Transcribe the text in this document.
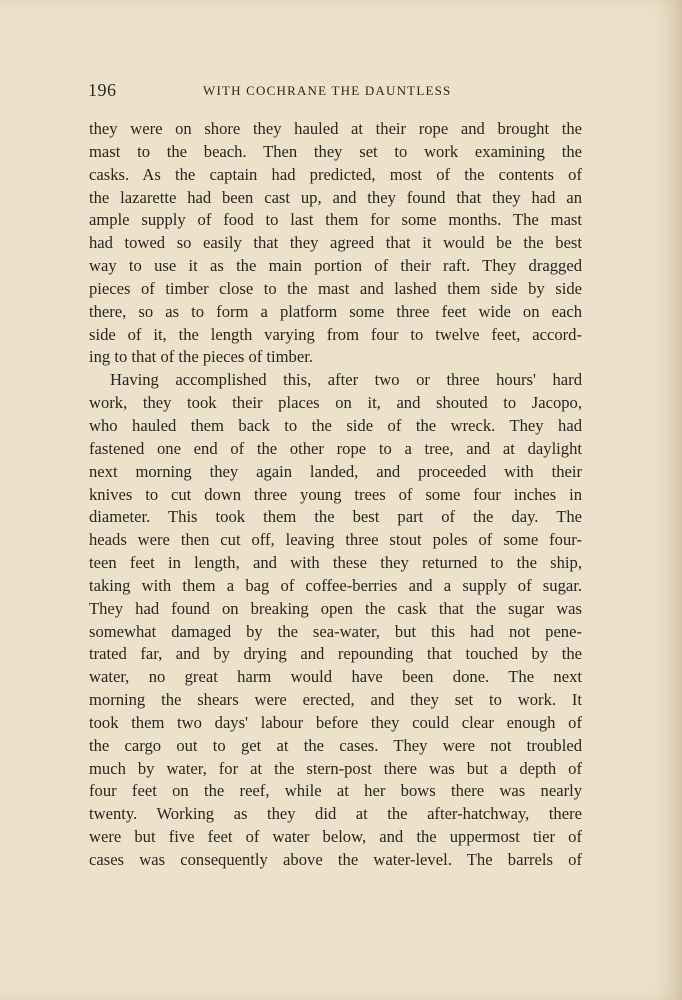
196	WITH COCHRANE THE DAUNTLESS
they were on shore they hauled at their rope and brought the
mast to the beach. Then they set to work examining the
casks. As the captain had predicted, most of the contents of
the lazarette had been cast up, and they found that they had an
ample supply of food to last them for some months. The mast
had towed so easily that they agreed that it would be the best
way to use it as the main portion of their raft. They dragged
pieces of timber close to the mast and lashed them side by side
there, so as to form a platform some three feet wide on each
side of it, the length varying from four to twelve feet, accord-
ing to that of the pieces of timber.
Having accomplished this, after two or three hours' hard
work, they took their places on it, and shouted to Jacopo,
who hauled them back to the side of the wreck. They had
fastened one end of the other rope to a tree, and at daylight
next morning they again landed, and proceeded with their
knives to cut down three young trees of some four inches in
diameter. This took them the best part of the day. The
heads were then cut off, leaving three stout poles of some four-
teen feet in length, and with these they returned to the ship,
taking with them a bag of coffee-berries and a supply of sugar.
They had found on breaking open the cask that the sugar was
somewhat damaged by the sea-water, but this had not pene-
trated far, and by drying and repounding that touched by the
water, no great harm would have been done. The next
morning the shears were erected, and they set to work. It
took them two days' labour before they could clear enough of
the cargo out to get at the cases. They were not troubled
much by water, for at the stern-post there was but a depth of
four feet on the reef, while at her bows there was nearly
twenty. Working as they did at the after-hatchway, there
were but five feet of water below, and the uppermost tier of
cases was consequently above the water-level. The barrels of
